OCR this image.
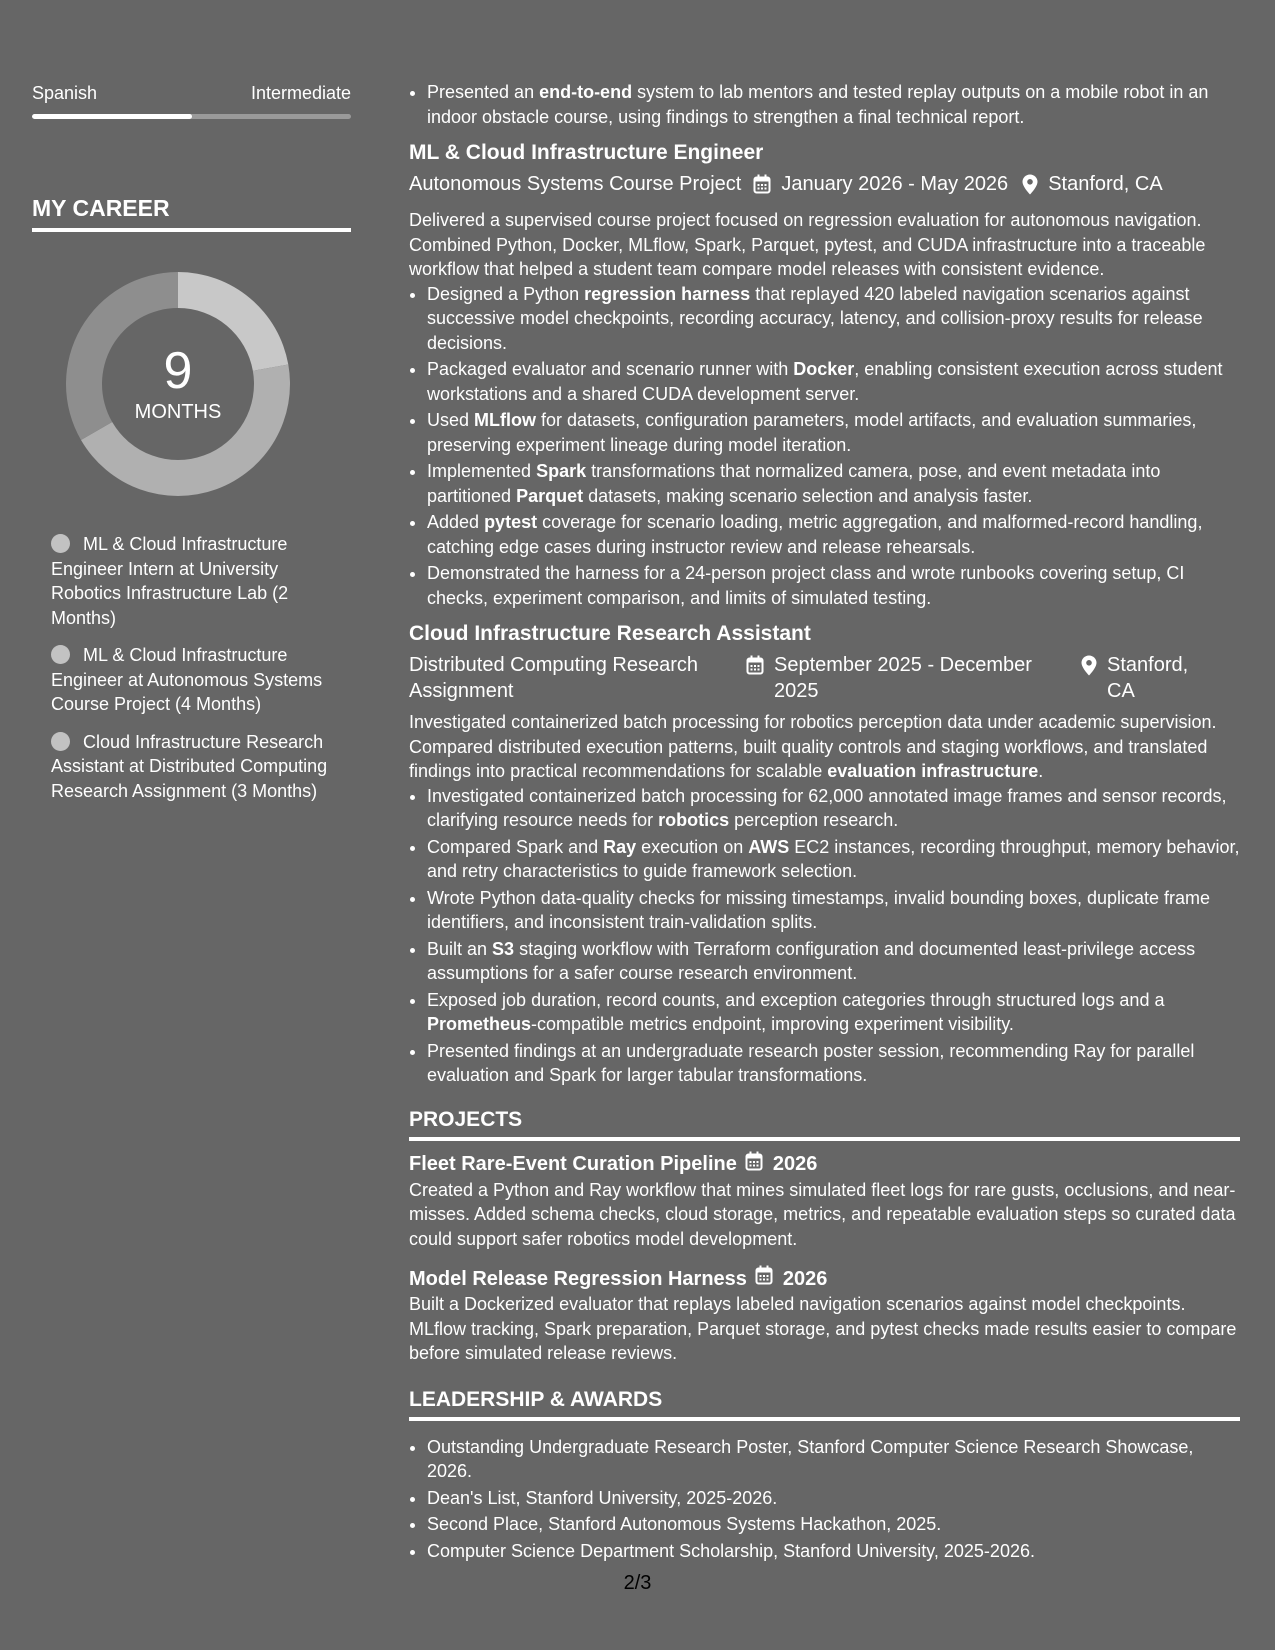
Spanish	Intermediate
MY CAREER
9
MONTHS
ML & Cloud Infrastructure Engineer Intern at University Robotics Infrastructure Lab (2 Months)
ML & Cloud Infrastructure Engineer at Autonomous Systems Course Project (4 Months)
Cloud Infrastructure Research Assistant at Distributed Computing Research Assignment (3 Months)
• Presented an end-to-end system to lab mentors and tested replay outputs on a mobile robot in an indoor obstacle course, using findings to strengthen a final technical report.
ML & Cloud Infrastructure Engineer
Autonomous Systems Course Project January 2026 - May 2026 Stanford, CA
Delivered a supervised course project focused on regression evaluation for autonomous navigation. Combined Python, Docker, MLflow, Spark, Parquet, pytest, and CUDA infrastructure into a traceable workflow that helped a student team compare model releases with consistent evidence.
• Designed a Python regression harness that replayed 420 labeled navigation scenarios against successive model checkpoints, recording accuracy, latency, and collision-proxy results for release decisions.
• Packaged evaluator and scenario runner with Docker, enabling consistent execution across student workstations and a shared CUDA development server.
• Used MLflow for datasets, configuration parameters, model artifacts, and evaluation summaries, preserving experiment lineage during model iteration.
• Implemented Spark transformations that normalized camera, pose, and event metadata into partitioned Parquet datasets, making scenario selection and analysis faster.
• Added pytest coverage for scenario loading, metric aggregation, and malformed-record handling, catching edge cases during instructor review and release rehearsals.
• Demonstrated the harness for a 24-person project class and wrote runbooks covering setup, CI checks, experiment comparison, and limits of simulated testing.
Cloud Infrastructure Research Assistant
Distributed Computing Research Assignment
September 2025 - December 2025
Stanford, CA
Investigated containerized batch processing for robotics perception data under academic supervision. Compared distributed execution patterns, built quality controls and staging workflows, and translated findings into practical recommendations for scalable evaluation infrastructure.
• Investigated containerized batch processing for 62,000 annotated image frames and sensor records, clarifying resource needs for robotics perception research.
• Compared Spark and Ray execution on AWS EC2 instances, recording throughput, memory behavior, and retry characteristics to guide framework selection.
• Wrote Python data-quality checks for missing timestamps, invalid bounding boxes, duplicate frame identifiers, and inconsistent train-validation splits.
• Built an S3 staging workflow with Terraform configuration and documented least-privilege access assumptions for a safer course research environment.
• Exposed job duration, record counts, and exception categories through structured logs and a Prometheus-compatible metrics endpoint, improving experiment visibility.
• Presented findings at an undergraduate research poster session, recommending Ray for parallel evaluation and Spark for larger tabular transformations.
PROJECTS
Fleet Rare-Event Curation Pipeline 2026
Created a Python and Ray workflow that mines simulated fleet logs for rare gusts, occlusions, and near-misses. Added schema checks, cloud storage, metrics, and repeatable evaluation steps so curated data could support safer robotics model development.
Model Release Regression Harness 2026
Built a Dockerized evaluator that replays labeled navigation scenarios against model checkpoints. MLflow tracking, Spark preparation, Parquet storage, and pytest checks made results easier to compare before simulated release reviews.
LEADERSHIP & AWARDS
• Outstanding Undergraduate Research Poster, Stanford Computer Science Research Showcase, 2026.
• Dean's List, Stanford University, 2025-2026.
• Second Place, Stanford Autonomous Systems Hackathon, 2025.
• Computer Science Department Scholarship, Stanford University, 2025-2026.
2/3
